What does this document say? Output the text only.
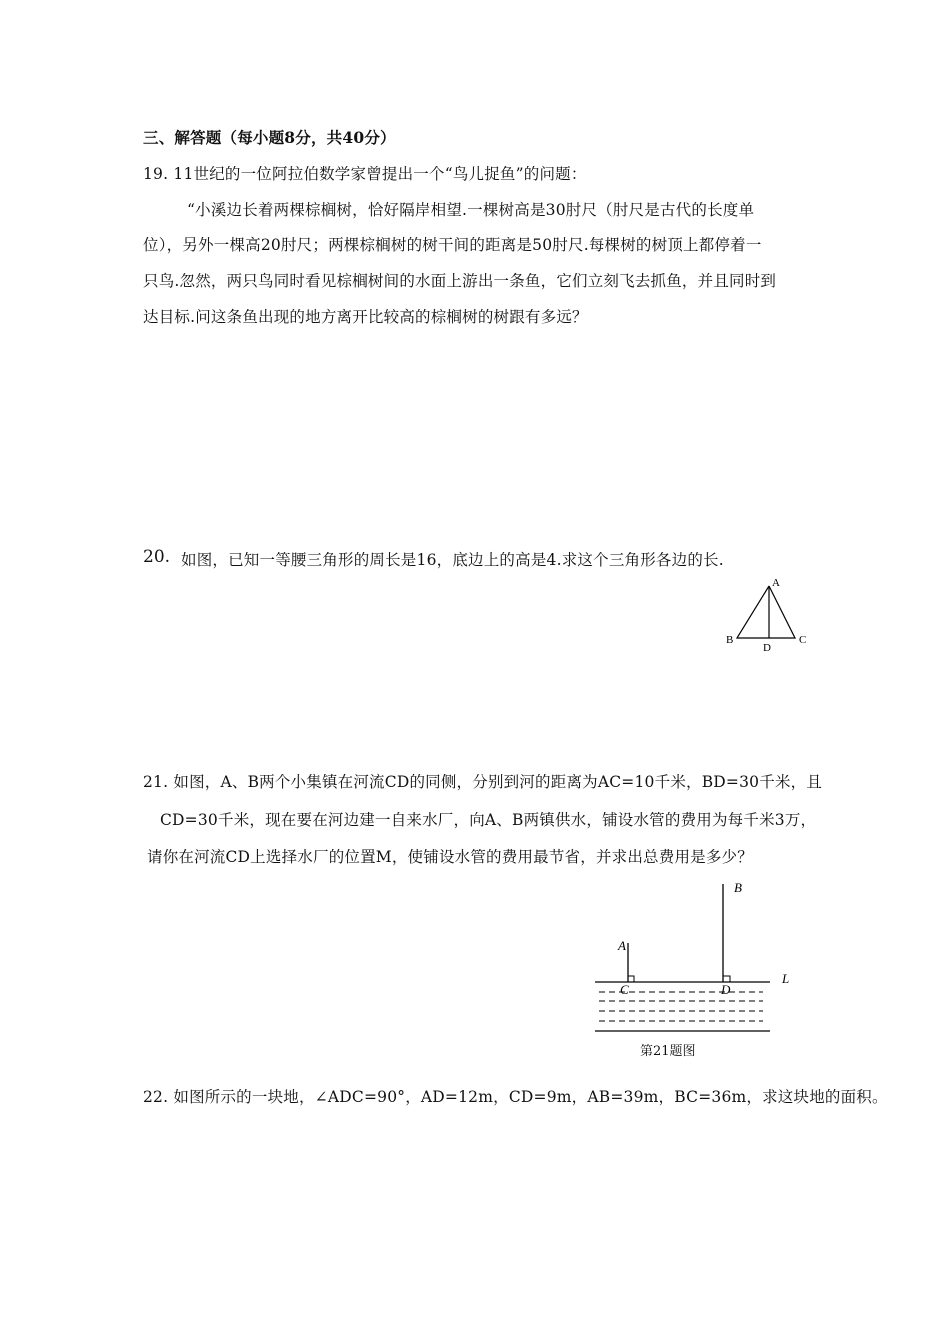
三、解答题（每小题8分，共40分）
19. 11世纪的一位阿拉伯数学家曾提出一个“鸟儿捉鱼”的问题：
“小溪边长着两棵棕榈树，恰好隔岸相望.一棵树高是30肘尺（肘尺是古代的长度单
位），另外一棵高20肘尺；两棵棕榈树的树干间的距离是50肘尺.每棵树的树顶上都停着一
只鸟.忽然，两只鸟同时看见棕榈树间的水面上游出一条鱼，它们立刻飞去抓鱼，并且同时到
达目标.问这条鱼出现的地方离开比较高的棕榈树的树跟有多远？
20. 如图，已知一等腰三角形的周长是16，底边上的高是4.求这个三角形各边的长.
A
B	C
D
21. 如图，A、B两个小集镇在河流CD的同侧，分别到河的距离为AC=10千米，BD=30千米，且
CD=30千米，现在要在河边建一自来水厂，向A、B两镇供水，铺设水管的费用为每千米3万，
请你在河流CD上选择水厂的位置M，使铺设水管的费用最节省，并求出总费用是多少？
B
A
C	D
L
第21题图
22. 如图所示的一块地，∠ADC=90°，AD=12m，CD=9m，AB=39m，BC=36m，求这块地的面积。
